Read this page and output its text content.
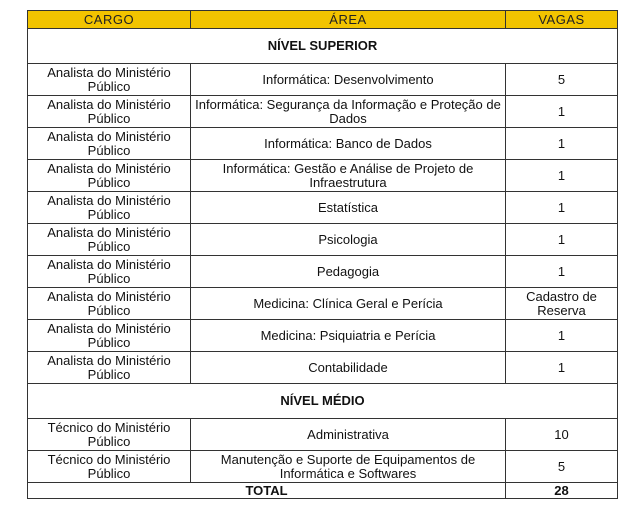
CARGO	ÁREA	VAGAS
NÍVEL SUPERIOR		
Analista do Ministério Público	Informática: Desenvolvimento	5
Analista do Ministério Público	Informática: Segurança da Informação e Proteção de Dados	1
Analista do Ministério Público	Informática: Banco de Dados	1
Analista do Ministério Público	Informática: Gestão e Análise de Projeto de Infraestrutura	1
Analista do Ministério Público	Estatística	1
Analista do Ministério Público	Psicologia	1
Analista do Ministério Público	Pedagogia	1
Analista do Ministério Público	Medicina: Clínica Geral e Perícia	Cadastro de Reserva
Analista do Ministério Público	Medicina: Psiquiatria e Perícia	1
Analista do Ministério Público	Contabilidade	1
NÍVEL MÉDIO		
Técnico do Ministério Público	Administrativa	10
Técnico do Ministério Público	Manutenção e Suporte de Equipamentos de Informática e Softwares	5
TOTAL		28
